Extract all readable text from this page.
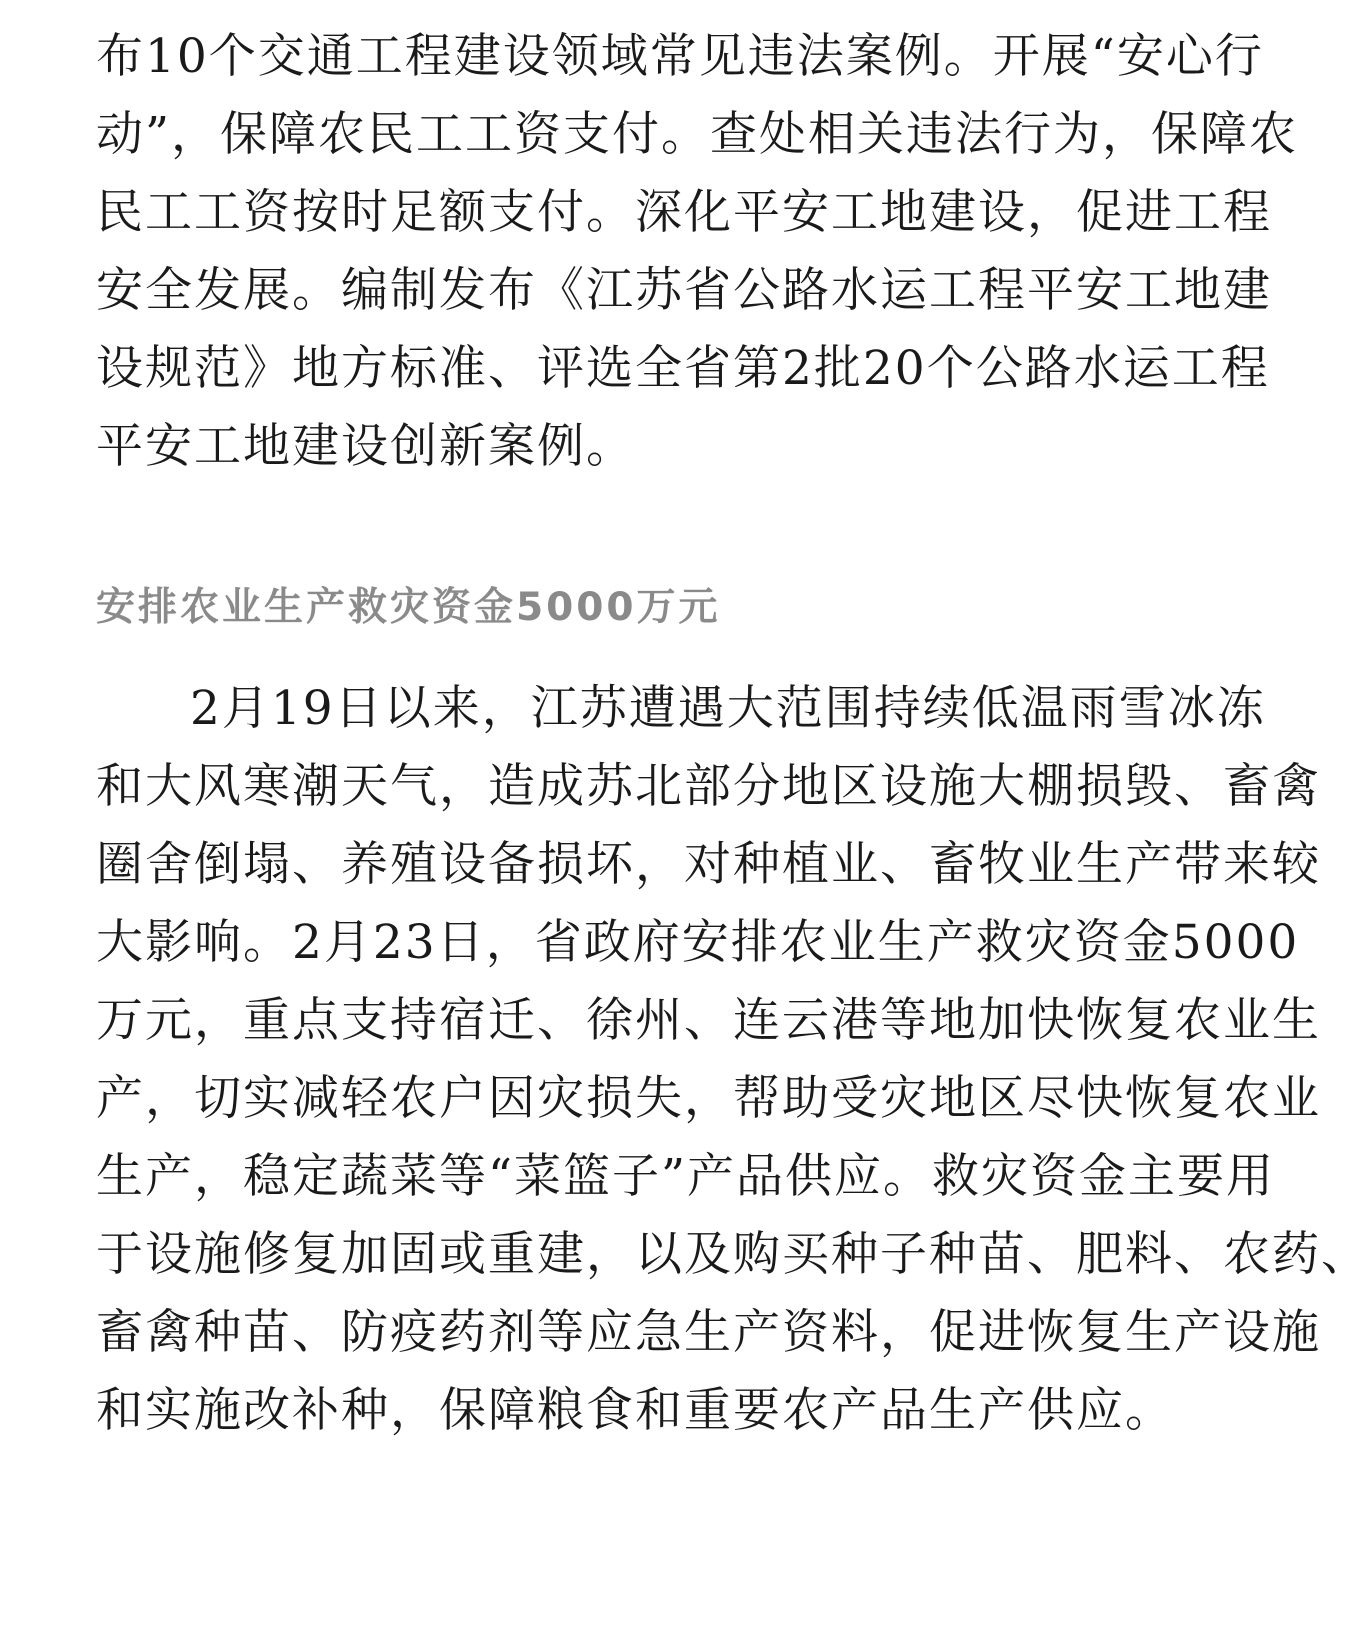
布10个交通工程建设领域常见违法案例。开展“安心行
动”，保障农民工工资支付。查处相关违法行为，保障农
民工工资按时足额支付。深化平安工地建设，促进工程
安全发展。编制发布《江苏省公路水运工程平安工地建
设规范》地方标准、评选全省第2批20个公路水运工程
平安工地建设创新案例。
安排农业生产救灾资金5000万元
2月19日以来，江苏遭遇大范围持续低温雨雪冰冻
和大风寒潮天气，造成苏北部分地区设施大棚损毁、畜禽
圈舍倒塌、养殖设备损坏，对种植业、畜牧业生产带来较
大影响。2月23日，省政府安排农业生产救灾资金5000
万元，重点支持宿迁、徐州、连云港等地加快恢复农业生
产，切实减轻农户因灾损失，帮助受灾地区尽快恢复农业
生产，稳定蔬菜等“菜篮子”产品供应。救灾资金主要用
于设施修复加固或重建，以及购买种子种苗、肥料、农药、
畜禽种苗、防疫药剂等应急生产资料，促进恢复生产设施
和实施改补种，保障粮食和重要农产品生产供应。
